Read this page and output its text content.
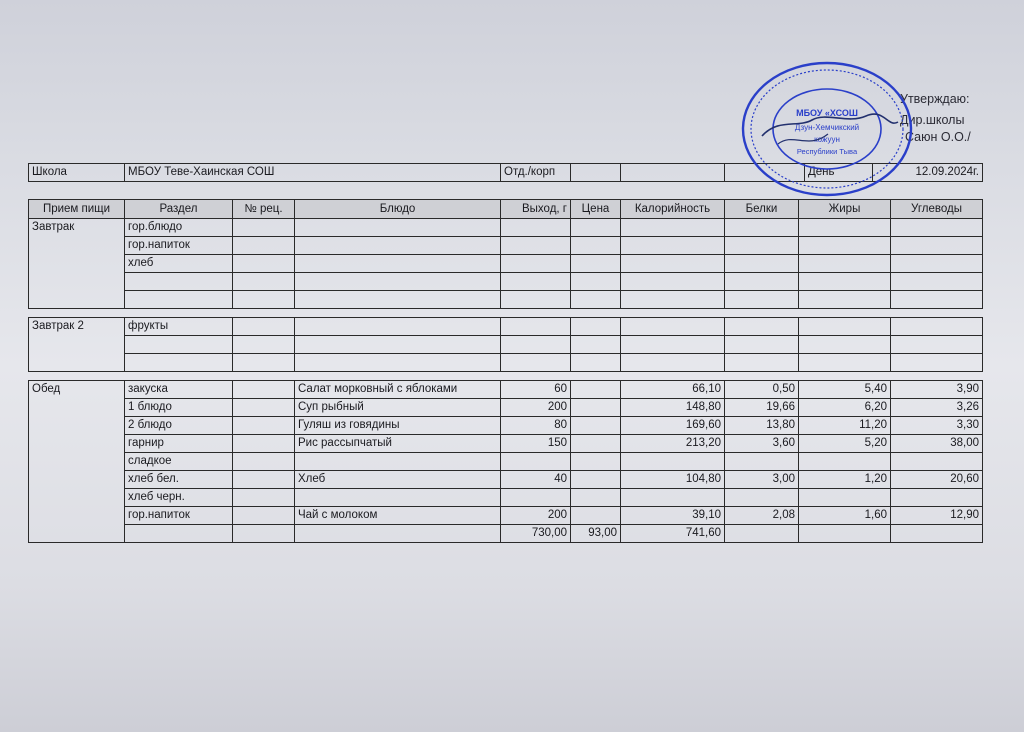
Утверждаю:
Дир.школы
Саюн О.О./
Школа	МБОУ Теве-Хаинская СОШ	Отд./корп				День	12.09.2024г.
Прием пищи	Раздел	№ рец.	Блюдо	Выход, г	Цена	Калорийность	Белки	Жиры	Углеводы
Завтрак	гор.блюдо								
	гор.напиток								
	хлеб								

Завтрак 2	фрукты								

Обед	закуска		Салат морковный с яблоками	60		66,10	0,50	5,40	3,90
	1 блюдо		Суп рыбный	200		148,80	19,66	6,20	3,26
	2 блюдо		Гуляш из говядины	80		169,60	13,80	11,20	3,30
	гарнир		Рис рассыпчатый	150		213,20	3,60	5,20	38,00
	сладкое								
	хлеб бел.		Хлеб	40		104,80	3,00	1,20	20,60
	хлеб черн.								
	гор.напиток		Чай с молоком	200		39,10	2,08	1,60	12,90
				730,00	93,00	741,60			
МБОУ «ХСОШ
Дзун-Хемчикский
кожуун
Республики Тыва
